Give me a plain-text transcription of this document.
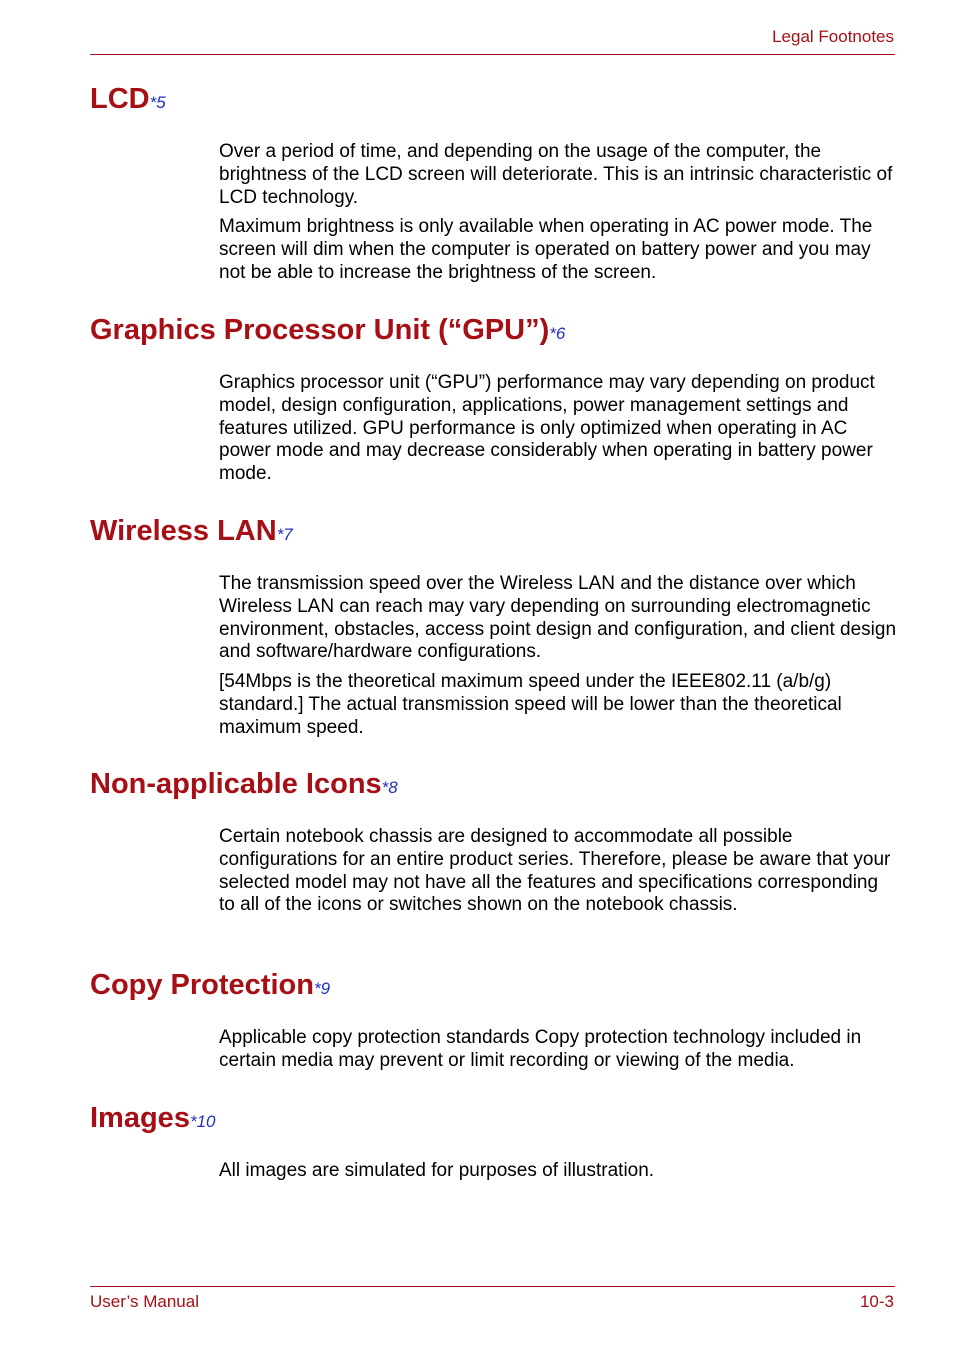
Legal Footnotes
LCD*5

Over a period of time, and depending on the usage of the computer, the brightness of the LCD screen will deteriorate. This is an intrinsic characteristic of LCD technology.

Maximum brightness is only available when operating in AC power mode. The screen will dim when the computer is operated on battery power and you may not be able to increase the brightness of the screen.

Graphics Processor Unit (“GPU”)*6

Graphics processor unit (“GPU”) performance may vary depending on product model, design configuration, applications, power management settings and features utilized. GPU performance is only optimized when operating in AC power mode and may decrease considerably when operating in battery power mode.

Wireless LAN*7

The transmission speed over the Wireless LAN and the distance over which Wireless LAN can reach may vary depending on surrounding electromagnetic environment, obstacles, access point design and configuration, and client design and software/hardware configurations.

[54Mbps is the theoretical maximum speed under the IEEE802.11 (a/b/g) standard.] The actual transmission speed will be lower than the theoretical maximum speed.

Non-applicable Icons*8

Certain notebook chassis are designed to accommodate all possible configurations for an entire product series. Therefore, please be aware that your selected model may not have all the features and specifications corresponding to all of the icons or switches shown on the notebook chassis.

Copy Protection*9

Applicable copy protection standards Copy protection technology included in certain media may prevent or limit recording or viewing of the media.

Images*10

All images are simulated for purposes of illustration.

User’s Manual	10-3
